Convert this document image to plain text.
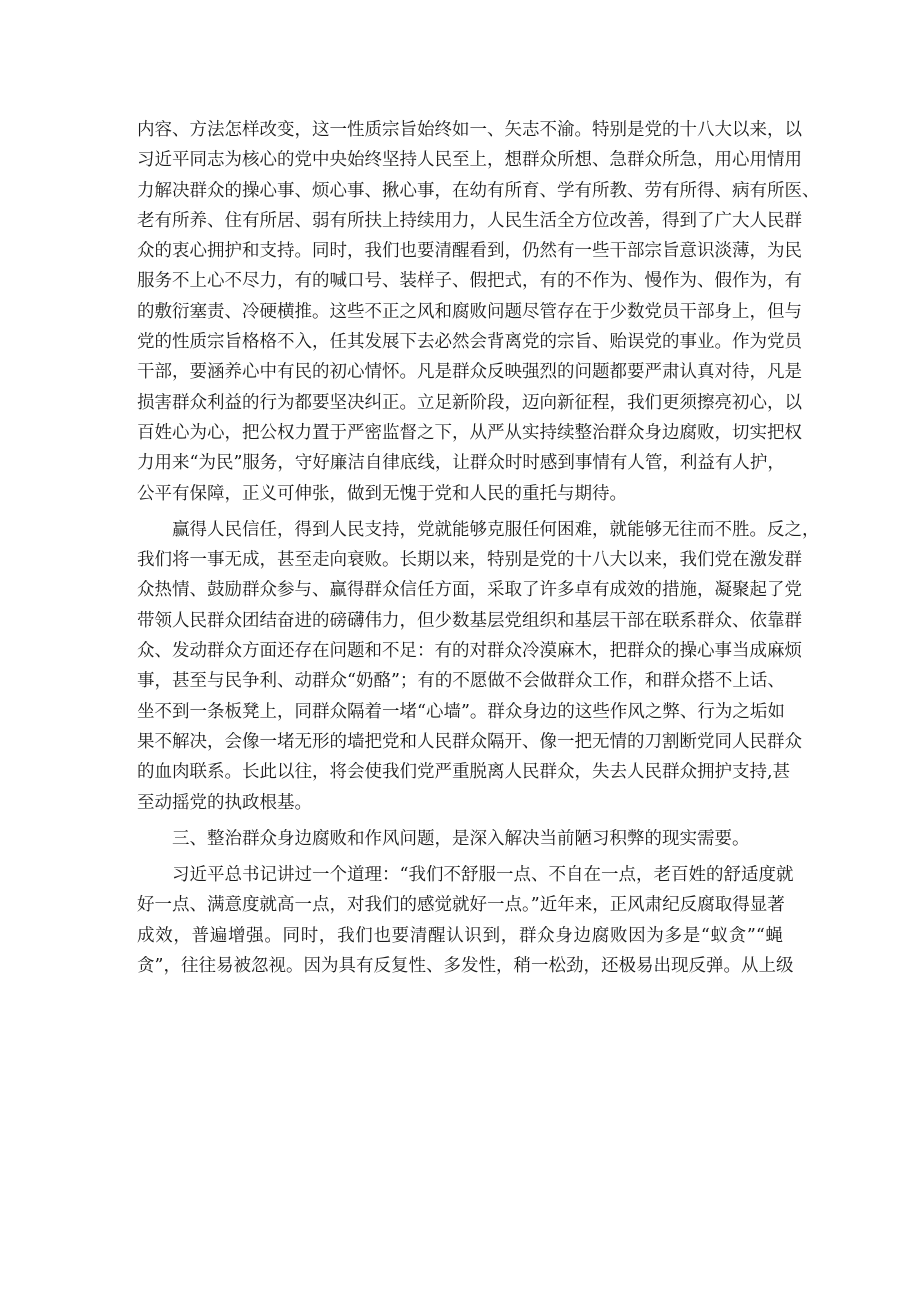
内容、方法怎样改变，这一性质宗旨始终如一、矢志不渝。特别是党的十八大以来，以
习近平同志为核心的党中央始终坚持人民至上，想群众所想、急群众所急，用心用情用
力解决群众的操心事、烦心事、揪心事，在幼有所育、学有所教、劳有所得、病有所医、
老有所养、住有所居、弱有所扶上持续用力，人民生活全方位改善，得到了广大人民群
众的衷心拥护和支持。同时，我们也要清醒看到，仍然有一些干部宗旨意识淡薄，为民
服务不上心不尽力，有的喊口号、装样子、假把式，有的不作为、慢作为、假作为，有
的敷衍塞责、冷硬横推。这些不正之风和腐败问题尽管存在于少数党员干部身上，但与
党的性质宗旨格格不入，任其发展下去必然会背离党的宗旨、贻误党的事业。作为党员
干部，要涵养心中有民的初心情怀。凡是群众反映强烈的问题都要严肃认真对待，凡是
损害群众利益的行为都要坚决纠正。立足新阶段，迈向新征程，我们更须擦亮初心，以
百姓心为心，把公权力置于严密监督之下，从严从实持续整治群众身边腐败，切实把权
力用来“为民”服务，守好廉洁自律底线，让群众时时感到事情有人管，利益有人护，
公平有保障，正义可伸张，做到无愧于党和人民的重托与期待。
赢得人民信任，得到人民支持，党就能够克服任何困难，就能够无往而不胜。反之，
我们将一事无成，甚至走向衰败。长期以来，特别是党的十八大以来，我们党在激发群
众热情、鼓励群众参与、赢得群众信任方面，采取了许多卓有成效的措施，凝聚起了党
带领人民群众团结奋进的磅礴伟力，但少数基层党组织和基层干部在联系群众、依靠群
众、发动群众方面还存在问题和不足：有的对群众冷漠麻木，把群众的操心事当成麻烦
事，甚至与民争利、动群众“奶酪”；有的不愿做不会做群众工作，和群众搭不上话、
坐不到一条板凳上，同群众隔着一堵“心墙”。群众身边的这些作风之弊、行为之垢如
果不解决，会像一堵无形的墙把党和人民群众隔开、像一把无情的刀割断党同人民群众
的血肉联系。长此以往，将会使我们党严重脱离人民群众，失去人民群众拥护支持,甚
至动摇党的执政根基。
三、整治群众身边腐败和作风问题，是深入解决当前陋习积弊的现实需要。
习近平总书记讲过一个道理：“我们不舒服一点、不自在一点，老百姓的舒适度就
好一点、满意度就高一点，对我们的感觉就好一点。”近年来，正风肃纪反腐取得显著
成效，普遍增强。同时，我们也要清醒认识到，群众身边腐败因为多是“蚁贪”“蝇
贪”，往往易被忽视。因为具有反复性、多发性，稍一松劲，还极易出现反弹。从上级
